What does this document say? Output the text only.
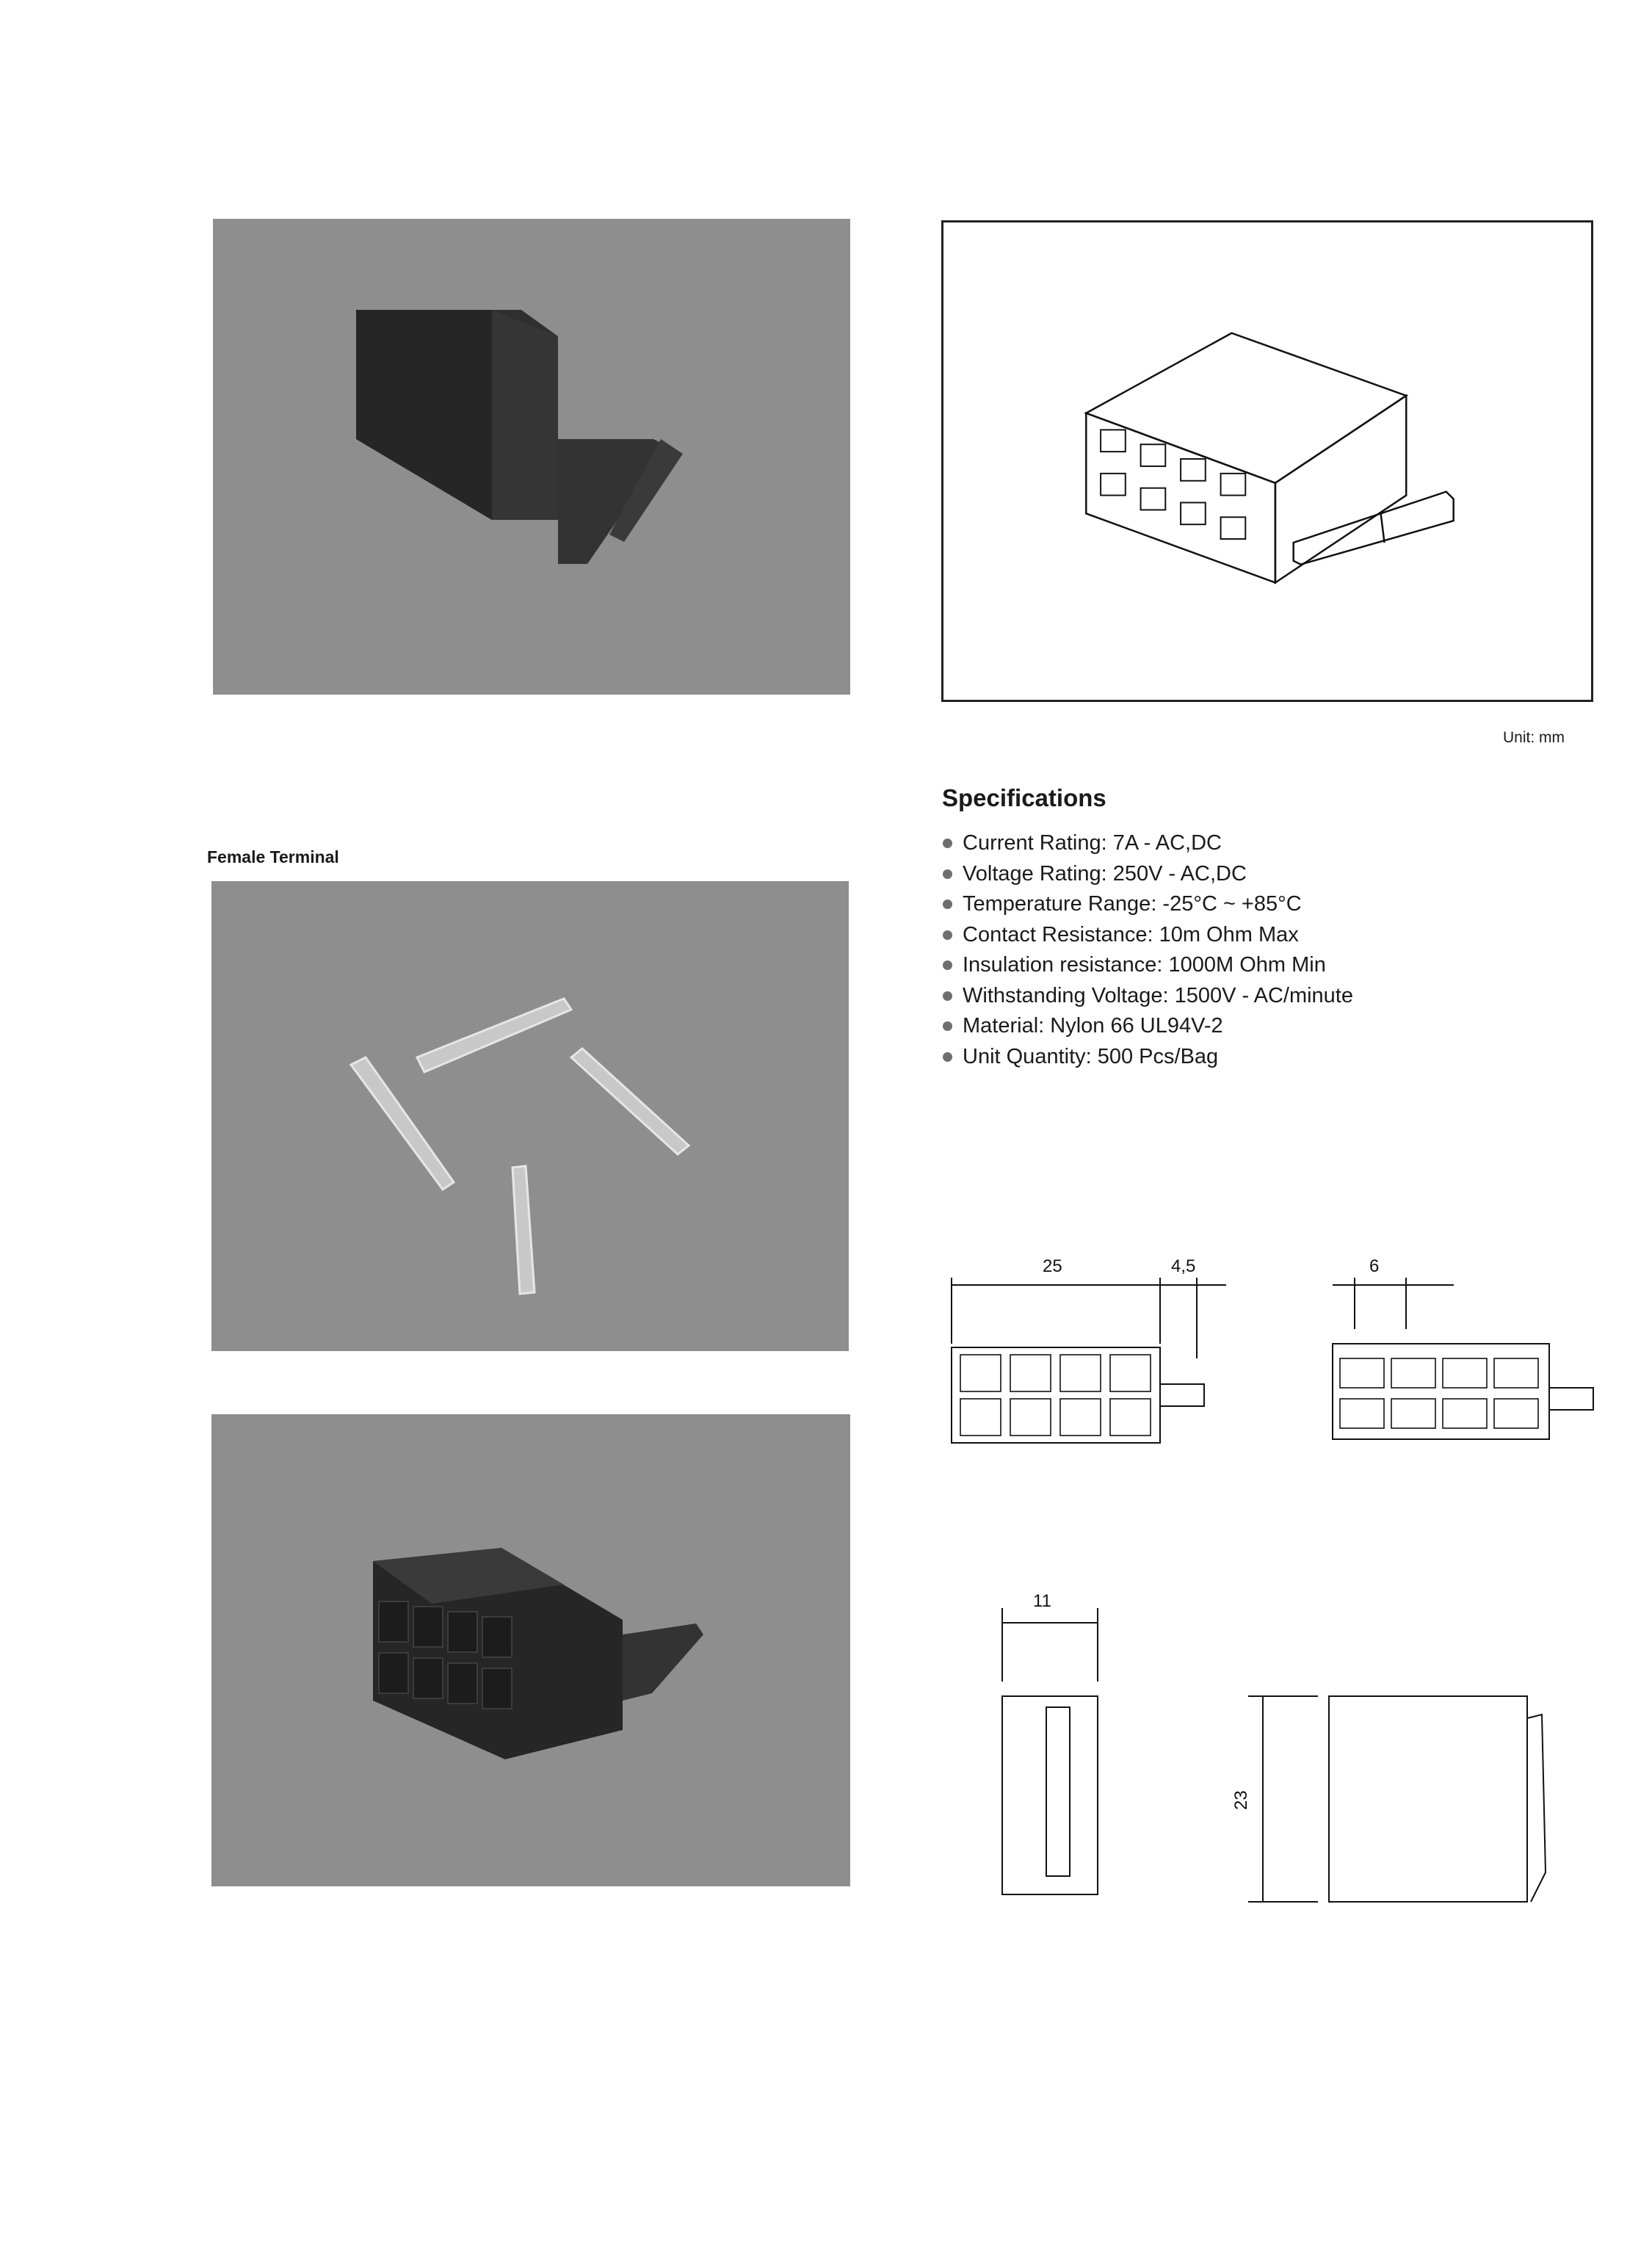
Unit: mm
Specifications
Current Rating: 7A - AC,DC
Voltage Rating: 250V - AC,DC
Temperature Range: -25°C ~ +85°C
Contact Resistance: 10m Ohm Max
Insulation resistance: 1000M Ohm Min
Withstanding Voltage: 1500V - AC/minute
Material: Nylon 66 UL94V-2
Unit Quantity: 500 Pcs/Bag
Female Terminal
25	4,5	6
11
23
